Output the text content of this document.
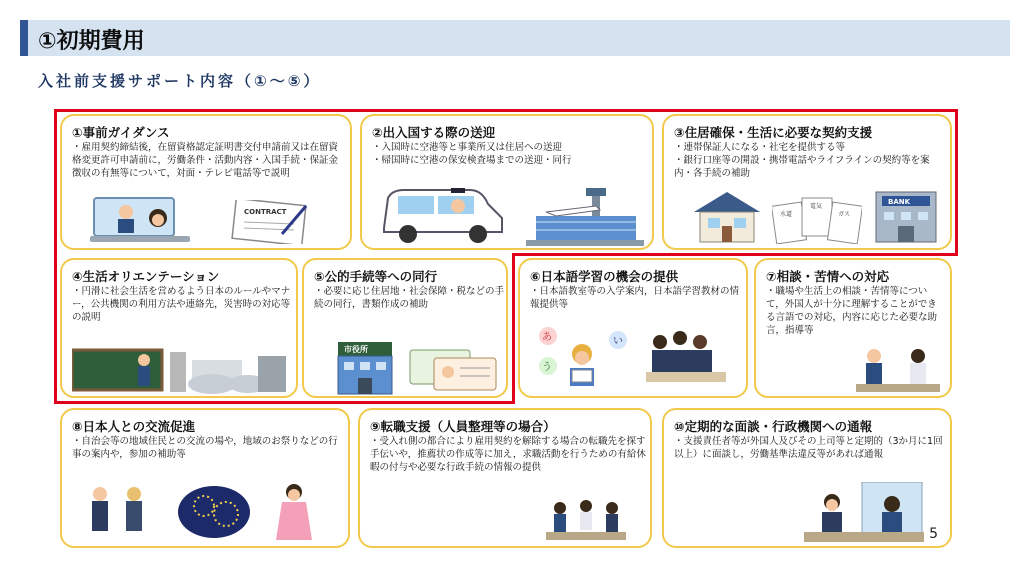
①初期費用
入社前支援サポート内容（①～⑤）
①事前ガイダンス
・雇用契約締結後，在留資格認定証明書交付申請前又は在留資格変更許可申請前に，労働条件・活動内容・入国手続・保証金徴収の有無等について，対面・テレビ電話等で説明
CONTRACT
②出入国する際の送迎
・入国時に空港等と事業所又は住居への送迎
・帰国時に空港の保安検査場までの送迎・同行
③住居確保・生活に必要な契約支援
・連帯保証人になる・社宅を提供する等
・銀行口座等の開設・携帯電話やライフラインの契約等を案内・各手続の補助
水道
電気
ガス
BANK
④生活オリエンテーション
・円滑に社会生活を営めるよう日本のルールやマナー，公共機関の利用方法や連絡先，災害時の対応等の説明
⑤公的手続等への同行
・必要に応じ住居地・社会保障・税などの手続の同行，書類作成の補助
市役所
⑥日本語学習の機会の提供
・日本語教室等の入学案内，日本語学習教材の情報提供等
あ	い
う
⑦相談・苦情への対応
・職場や生活上の相談・苦情等について，外国人が十分に理解することができる言語での対応，内容に応じた必要な助言，指導等
⑧日本人との交流促進
・自治会等の地域住民との交流の場や，地域のお祭りなどの行事の案内や，参加の補助等
⑨転職支援（人員整理等の場合）
・受入れ側の都合により雇用契約を解除する場合の転職先を探す手伝いや，推薦状の作成等に加え，求職活動を行うための有給休暇の付与や必要な行政手続の情報の提供
⑩定期的な面談・行政機関への通報
・支援責任者等が外国人及びその上司等と定期的（3か月に1回以上）に面談し，労働基準法違反等があれば通報
5
